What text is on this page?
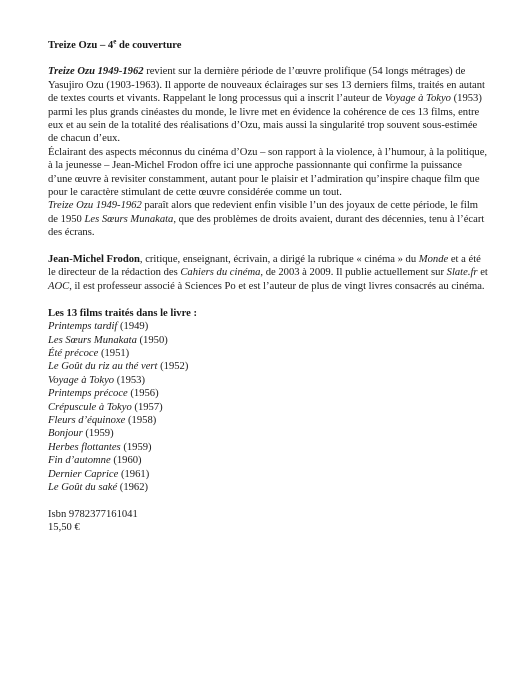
Treize Ozu – 4e de couverture

Treize Ozu 1949-1962 revient sur la dernière période de l’œuvre prolifique (54 longs métrages) de Yasujiro Ozu (1903-1963). Il apporte de nouveaux éclairages sur ses 13 derniers films, traités en autant de textes courts et vivants. Rappelant le long processus qui a inscrit l’auteur de Voyage à Tokyo (1953) parmi les plus grands cinéastes du monde, le livre met en évidence la cohérence de ces 13 films, entre eux et au sein de la totalité des réalisations d’Ozu, mais aussi la singularité trop souvent sous-estimée de chacun d’eux.

Éclairant des aspects méconnus du cinéma d’Ozu – son rapport à la violence, à l’humour, à la politique, à la jeunesse – Jean-Michel Frodon offre ici une approche passionnante qui confirme la puissance d’une œuvre à revisiter constamment, autant pour le plaisir et l’admiration qu’inspire chaque film que pour le caractère stimulant de cette œuvre considérée comme un tout.

Treize Ozu 1949-1962 paraît alors que redevient enfin visible l’un des joyaux de cette période, le film de 1950 Les Sœurs Munakata, que des problèmes de droits avaient, durant des décennies, tenu à l’écart des écrans.

Jean-Michel Frodon, critique, enseignant, écrivain, a dirigé la rubrique « cinéma » du Monde et a été le directeur de la rédaction des Cahiers du cinéma, de 2003 à 2009. Il publie actuellement sur Slate.fr et AOC, il est professeur associé à Sciences Po et est l’auteur de plus de vingt livres consacrés au cinéma.

Les 13 films traités dans le livre :

Printemps tardif (1949)
Les Sœurs Munakata (1950)
Été précoce (1951)
Le Goût du riz au thé vert (1952)
Voyage à Tokyo (1953)
Printemps précoce (1956)
Crépuscule à Tokyo (1957)
Fleurs d’équinoxe (1958)
Bonjour (1959)
Herbes flottantes (1959)
Fin d’automne (1960)
Dernier Caprice (1961)
Le Goût du saké (1962)

Isbn 9782377161041

15,50 €
